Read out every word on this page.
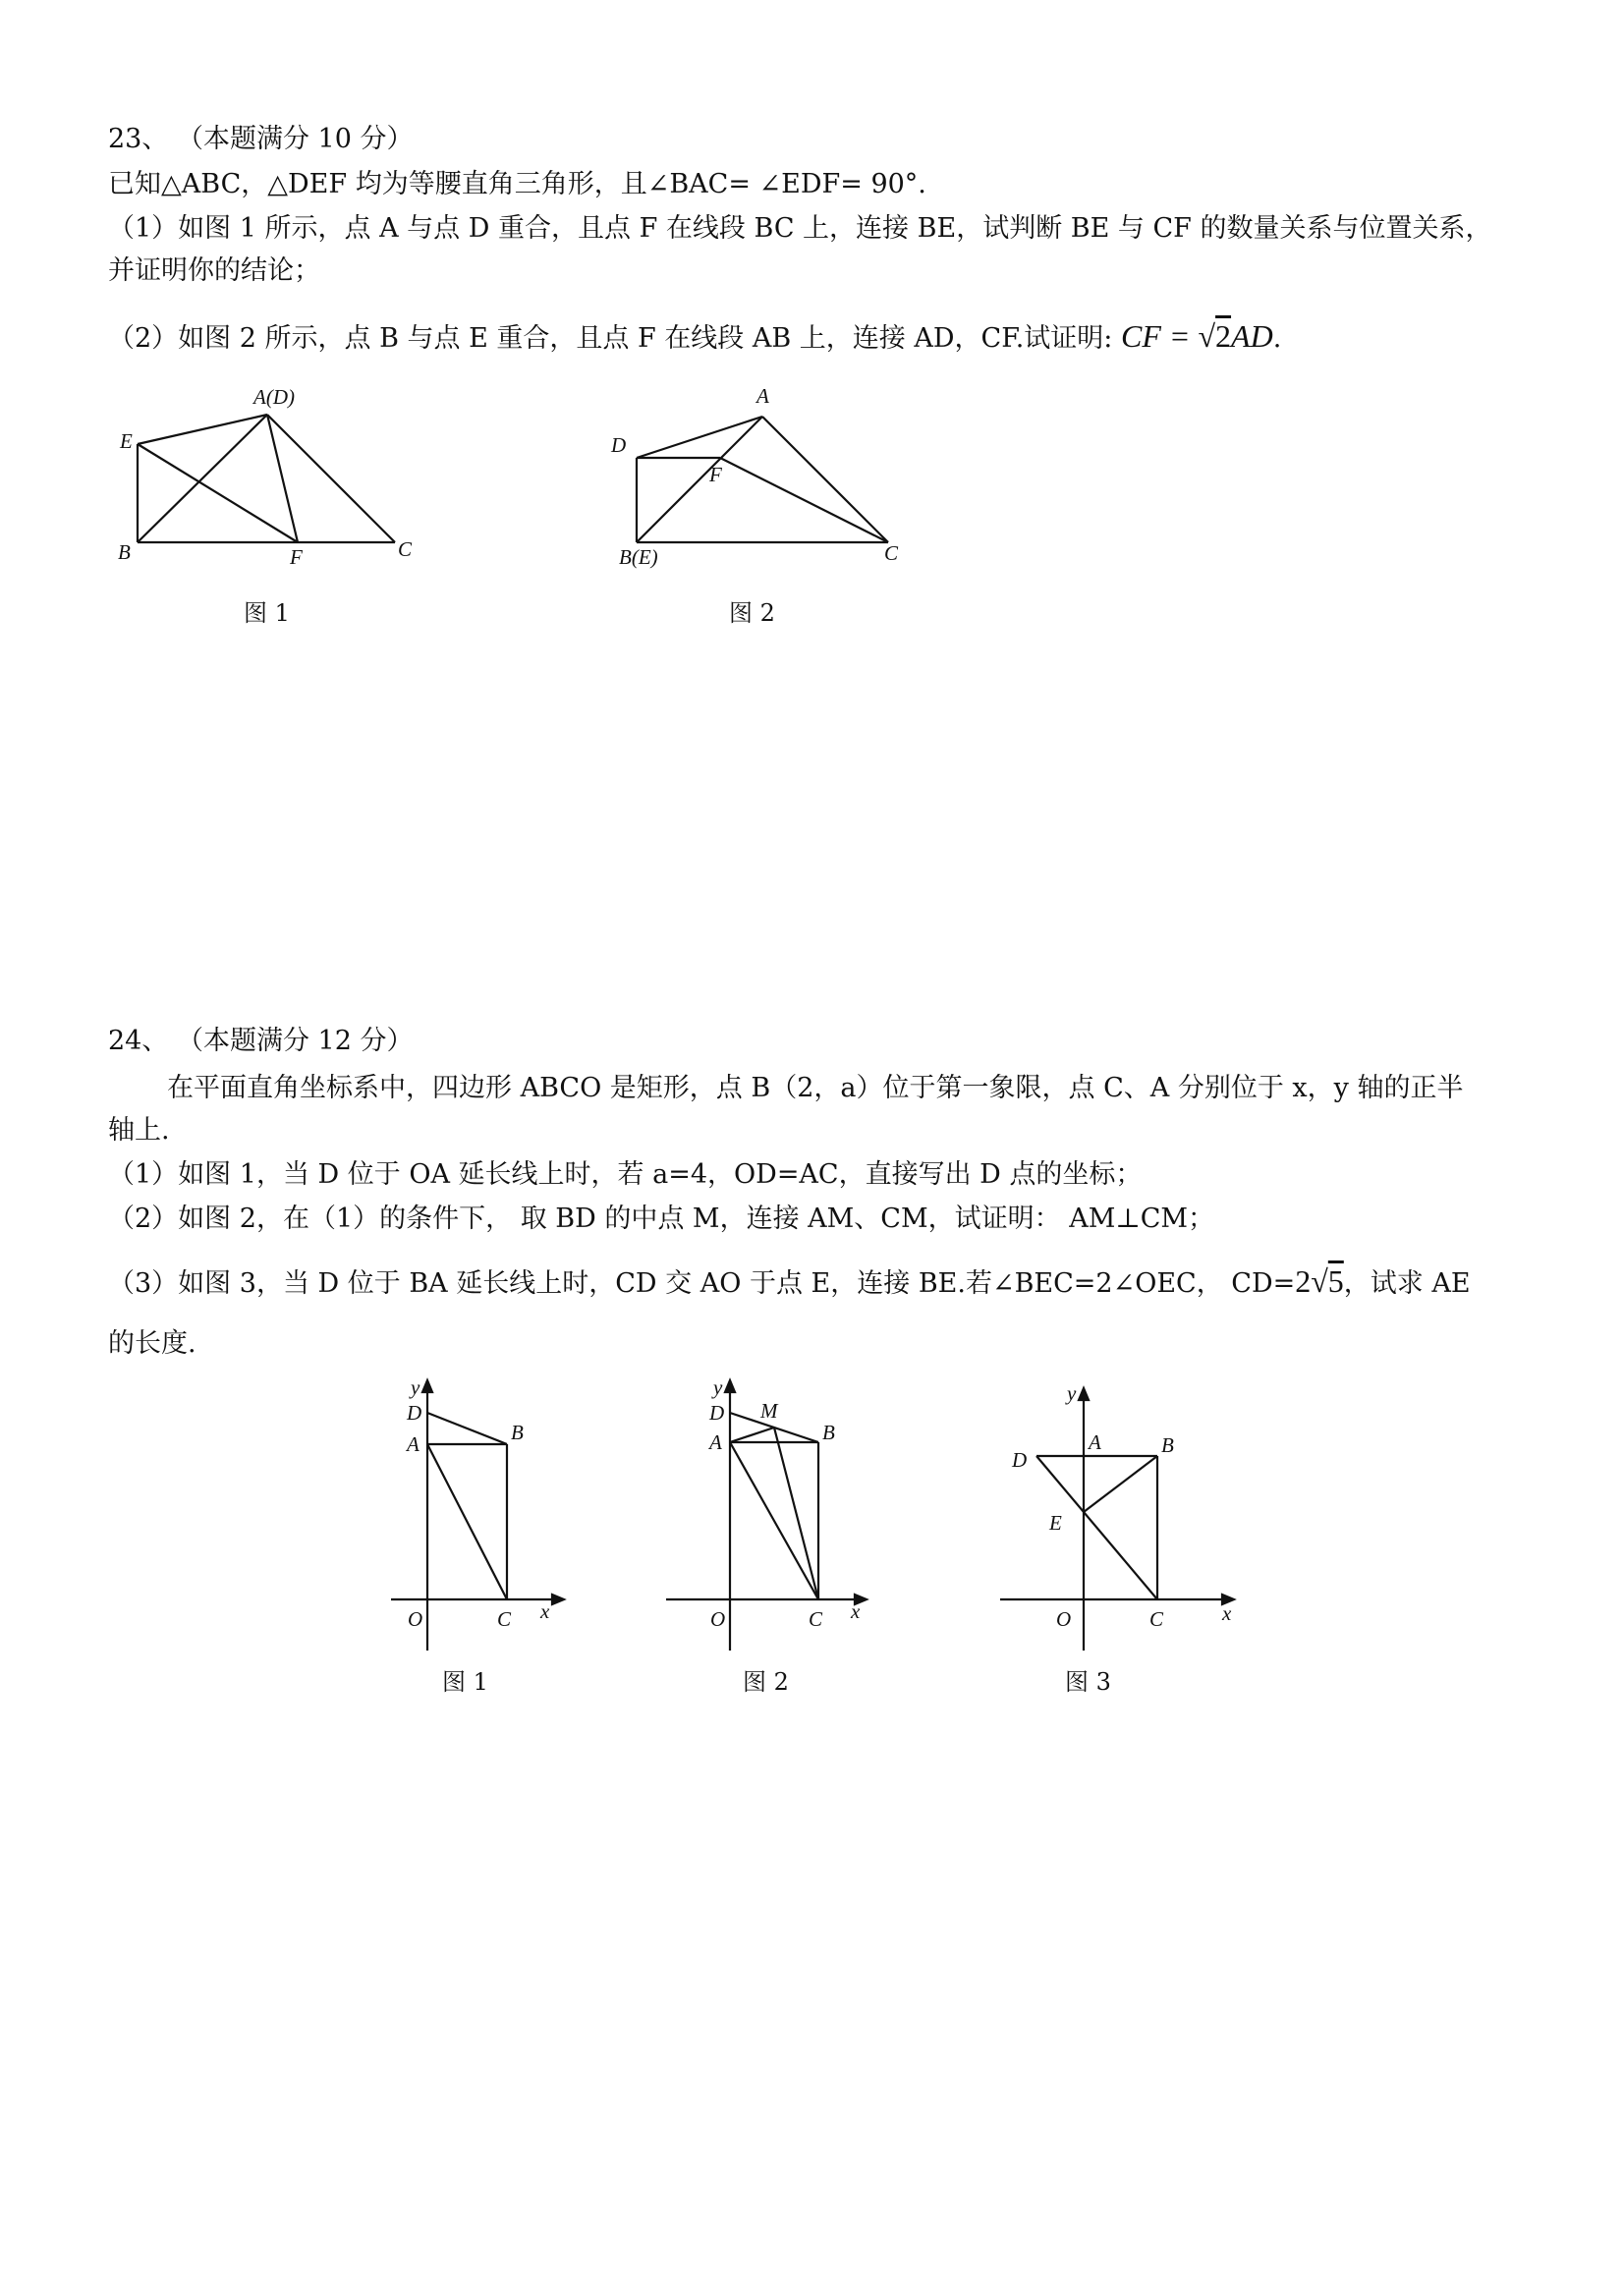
23、 （本题满分 10 分）
已知△ABC，△DEF 均为等腰直角三角形，且∠BAC= ∠EDF= 90°.
（1）如图 1 所示，点 A 与点 D 重合，且点 F 在线段 BC 上，连接 BE，试判断 BE 与 CF 的数量关系与位置关系，
并证明你的结论；
（2）如图 2 所示，点 B 与点 E 重合，且点 F 在线段 AB 上，连接 AD，CF.试证明: CF = √2AD.
A(D)
E
B	F	C
图 1
A
D
F
B(E)	C
图 2
24、 （本题满分 12 分）
在平面直角坐标系中，四边形 ABCO 是矩形，点 B（2，a）位于第一象限，点 C、A 分别位于 x，y 轴的正半
轴上.
（1）如图 1，当 D 位于 OA 延长线上时，若 a=4，OD=AC，直接写出 D 点的坐标；
（2）如图 2，在（1）的条件下， 取 BD 的中点 M，连接 AM、CM，试证明： AM⊥CM；
（3）如图 3，当 D 位于 BA 延长线上时，CD 交 AO 于点 E，连接 BE.若∠BEC=2∠OEC， CD=2√5，试求 AE
的长度.
y
D
A	B
O	C x
图 1
y
D M
A	B
O	C x
图 2
y
D
A	B
E
O	C	x
图 3
